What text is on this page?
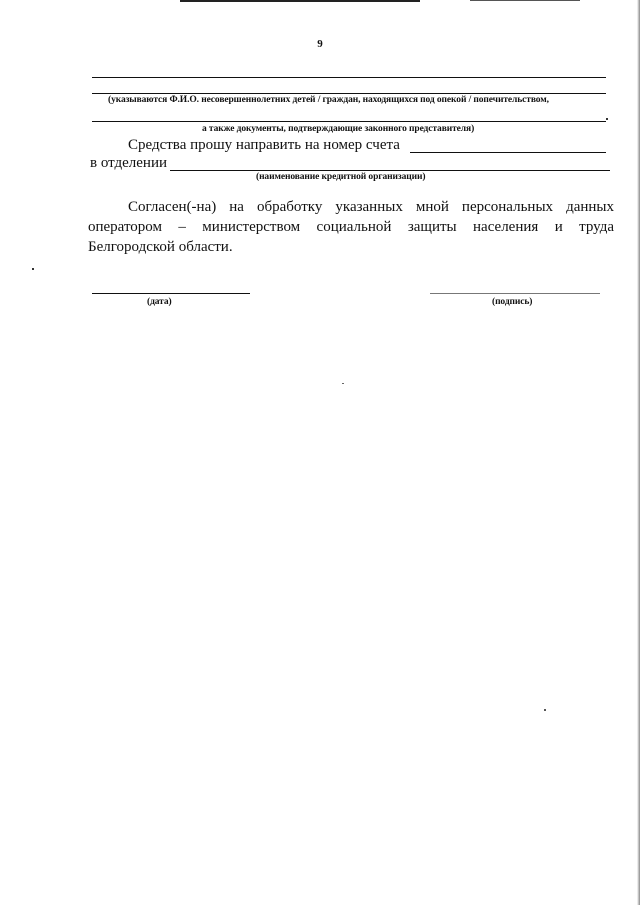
9
(указываются Ф.И.О. несовершеннолетних детей / граждан, находящихся под опекой / попечительством,
а также документы, подтверждающие законного представителя)
Средства прошу направить на номер счета
в отделении
(наименование кредитной организации)
Согласен(-на) на обработку указанных мной персональных данных
оператором – министерством социальной защиты населения и труда
Белгородской области.
(дата)	(подпись)
